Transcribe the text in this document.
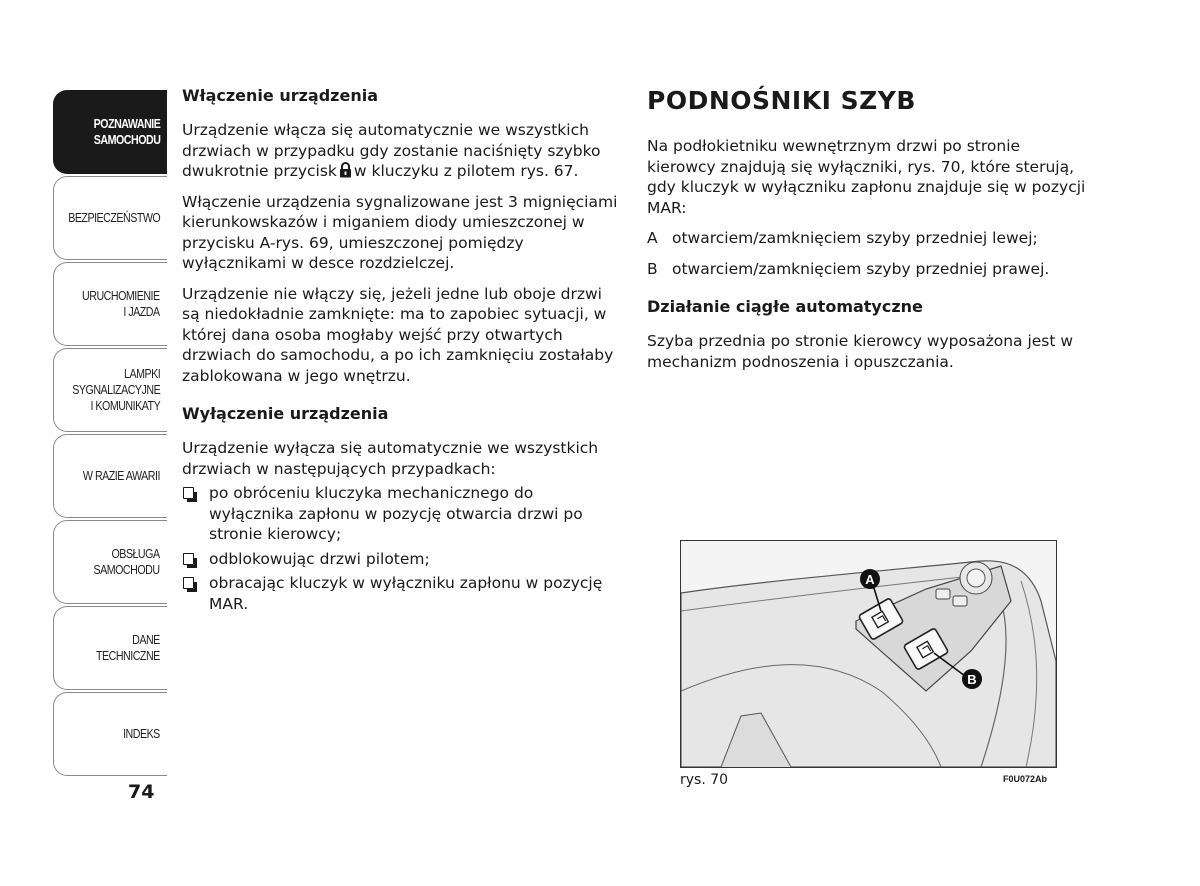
POZNAWANIE
SAMOCHODU
BEZPIECZEŃSTWO
URUCHOMIENIE
I JAZDA
LAMPKI
SYGNALIZACYJNE
I KOMUNIKATY
W RAZIE AWARII
OBSŁUGA
SAMOCHODU
DANE
TECHNICZNE
INDEKS
74
Włączenie urządzenia

Urządzenie włącza się automatycznie we wszystkich drzwiach w przypadku gdy zostanie naciśnięty szybko dwukrotnie przycisk w kluczyku z pilotem rys. 67.

Włączenie urządzenia sygnalizowane jest 3 mignięciami kierunkowskazów i miganiem diody umieszczonej w przycisku A-rys. 69, umieszczonej pomiędzy wyłącznikami w desce rozdzielczej.

Urządzenie nie włączy się, jeżeli jedne lub oboje drzwi są niedokładnie zamknięte: ma to zapobiec sytuacji, w której dana osoba mogłaby wejść przy otwartych drzwiach do samochodu, a po ich zamknięciu zostałaby zablokowana w jego wnętrzu.

Wyłączenie urządzenia

Urządzenie wyłącza się automatycznie we wszystkich drzwiach w następujących przypadkach:

po obróceniu kluczyka mechanicznego do wyłącznika zapłonu w pozycję otwarcia drzwi po stronie kierowcy;
odblokowując drzwi pilotem;
obracając kluczyk w wyłączniku zapłonu w pozycję MAR.
PODNOŚNIKI SZYB

Na podłokietniku wewnętrznym drzwi po stronie kierowcy znajdują się wyłączniki, rys. 70, które sterują, gdy kluczyk w wyłączniku zapłonu znajduje się w pozycji MAR:

A otwarciem/zamknięciem szyby przedniej lewej;
B otwarciem/zamknięciem szyby przedniej prawej.
Działanie ciągłe automatyczne

Szyba przednia po stronie kierowcy wyposażona jest w mechanizm podnoszenia i opuszczania.

A
B
rys. 70	F0U072Ab
